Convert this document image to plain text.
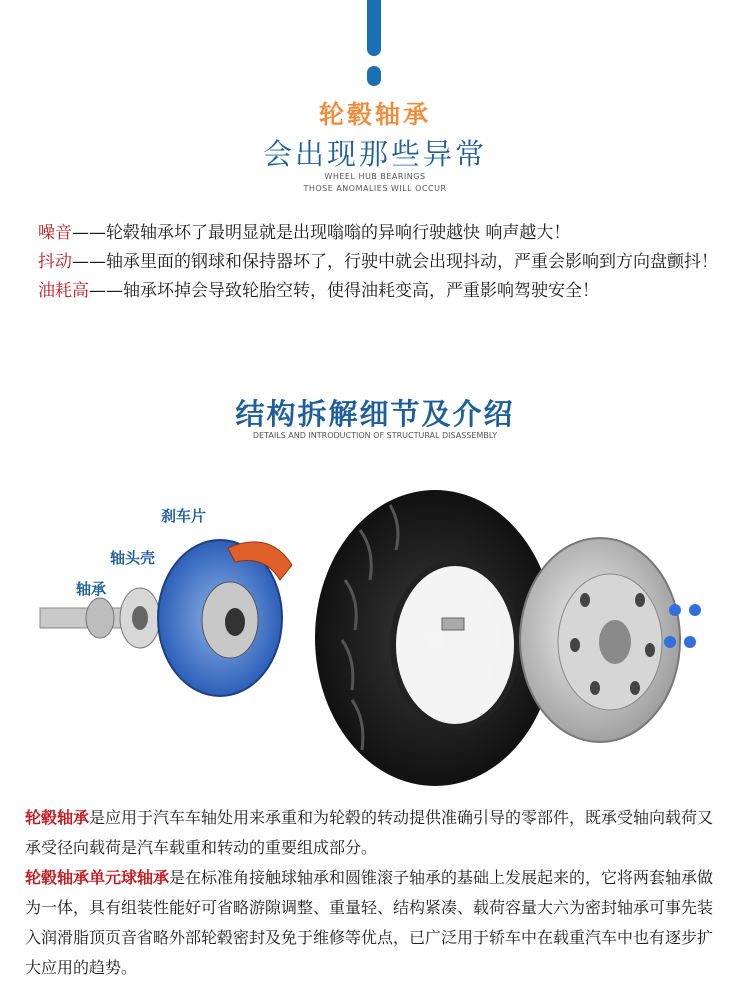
轮毂轴承
会出现那些异常
WHEEL HUB BEARINGS
THOSE ANOMALIES WILL OCCUR

噪音——轮毂轴承坏了最明显就是出现嗡嗡的异响行驶越快 响声越大！

抖动——轴承里面的钢球和保持器坏了，行驶中就会出现抖动，严重会影响到方向盘颤抖！

油耗高——轴承坏掉会导致轮胎空转，使得油耗变高，严重影响驾驶安全！

结构拆解细节及介绍
DETAILS AND INTRODUCTION OF STRUCTURAL DISASSEMBLY
刹车片
轴头壳
轴承

轮毂轴承是应用于汽车车轴处用来承重和为轮毂的转动提供准确引导的零部件，既承受轴向载荷又承受径向载荷是汽车载重和转动的重要组成部分。

轮毂轴承单元球轴承是在标准角接触球轴承和圆锥滚子轴承的基础上发展起来的，它将两套轴承做为一体，具有组装性能好可省略游隙调整、重量轻、结构紧凑、载荷容量大六为密封轴承可事先装入润滑脂顶页音省略外部轮毂密封及免于维修等优点，已广泛用于轿车中在载重汽车中也有逐步扩大应用的趋势。
